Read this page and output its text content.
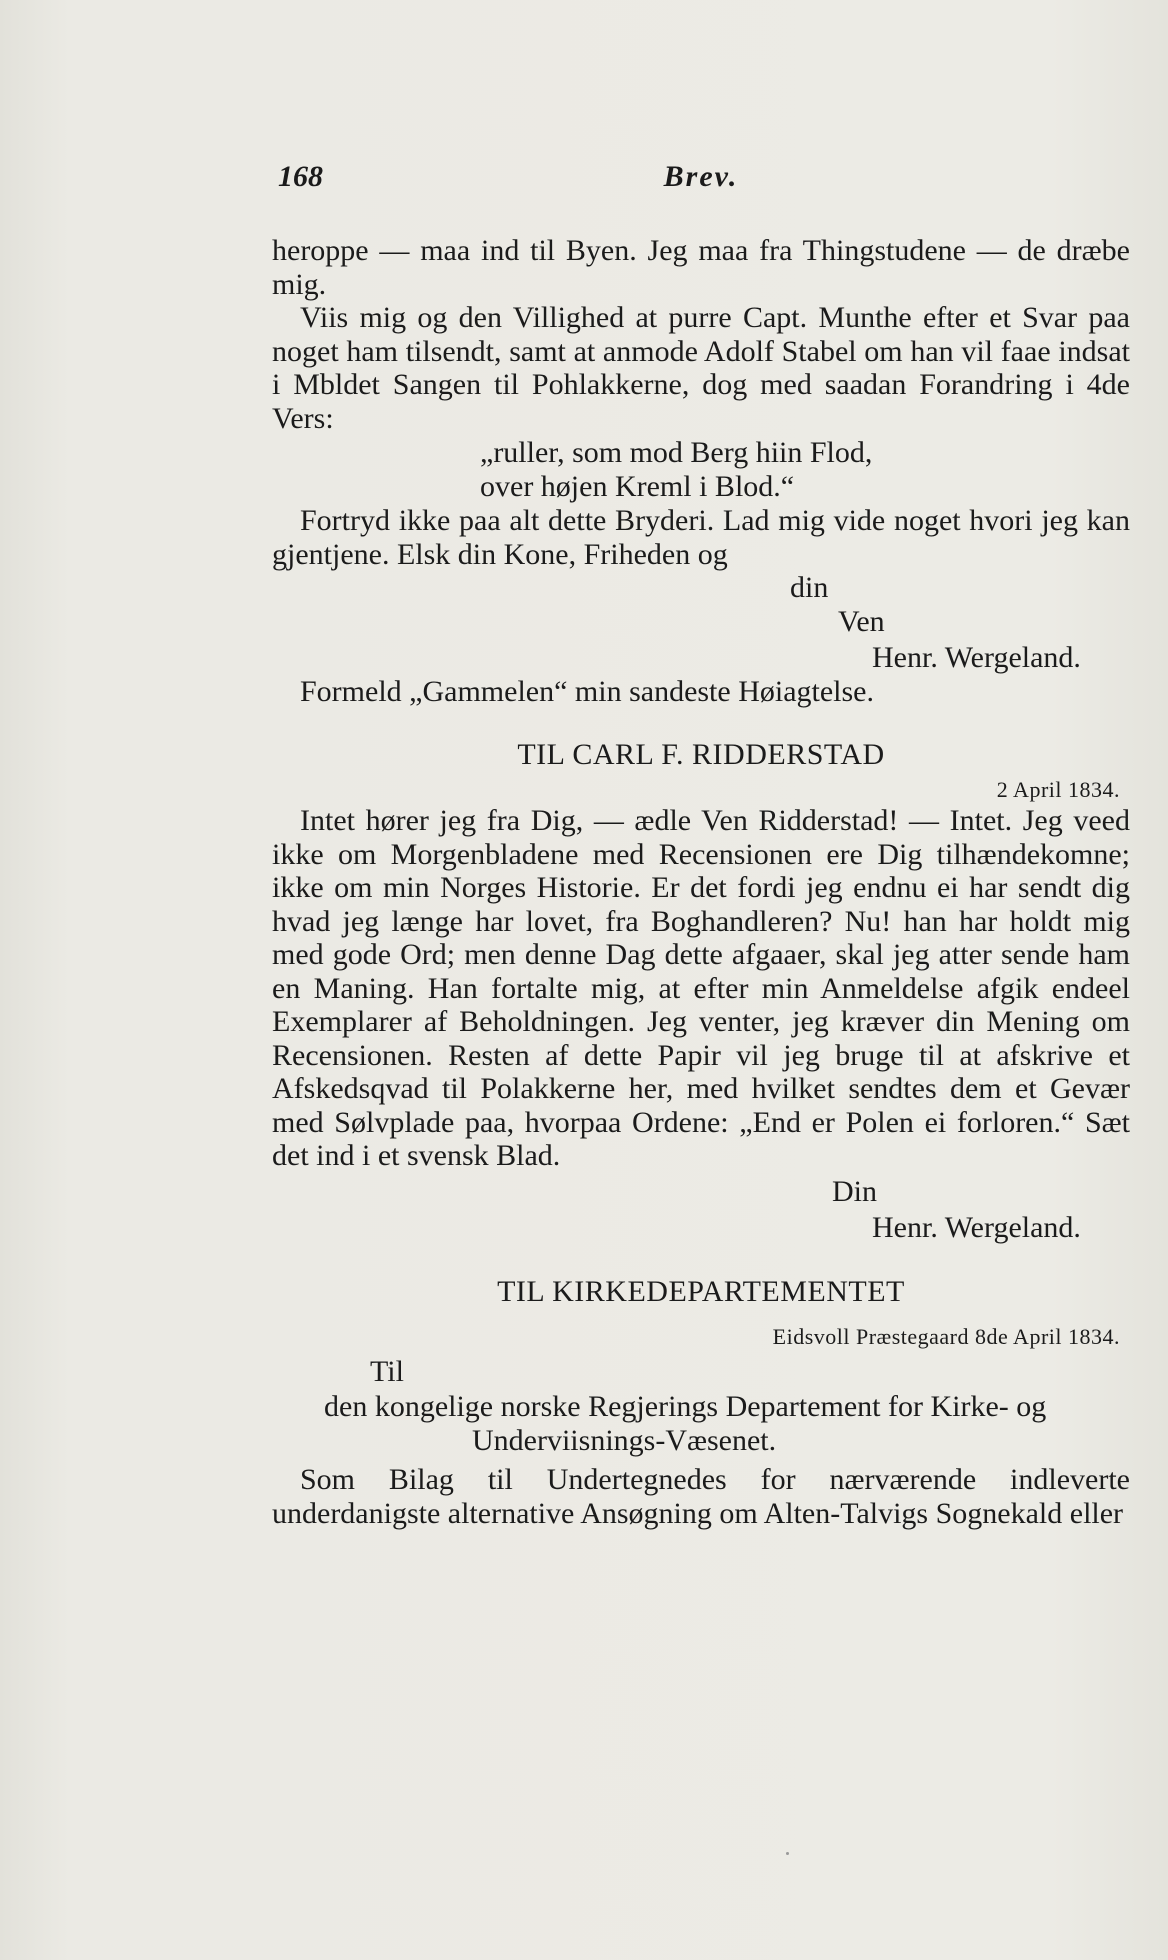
168	Brev.

heroppe — maa ind til Byen. Jeg maa fra Thingstudene — de dræbe mig.

Viis mig og den Villighed at purre Capt. Munthe efter et Svar paa noget ham tilsendt, samt at anmode Adolf Stabel om han vil faae indsat i Mbldet Sangen til Pohlakkerne, dog med saadan Forandring i 4de Vers:

„ruller, som mod Berg hiin Flod,
over højen Kreml i Blod.“

Fortryd ikke paa alt dette Bryderi. Lad mig vide noget hvori jeg kan gjentjene. Elsk din Kone, Friheden og

din
Ven
Henr. Wergeland.

Formeld „Gammelen“ min sandeste Høiagtelse.

TIL CARL F. RIDDERSTAD
2 April 1834.

Intet hører jeg fra Dig, — ædle Ven Ridderstad! — Intet. Jeg veed ikke om Morgenbladene med Recensionen ere Dig tilhændekomne; ikke om min Norges Historie. Er det fordi jeg endnu ei har sendt dig hvad jeg længe har lovet, fra Boghandleren? Nu! han har holdt mig med gode Ord; men denne Dag dette afgaaer, skal jeg atter sende ham en Maning. Han fortalte mig, at efter min Anmeldelse afgik endeel Exemplarer af Beholdningen. Jeg venter, jeg kræver din Mening om Recensionen. Resten af dette Papir vil jeg bruge til at afskrive et Afskedsqvad til Polakkerne her, med hvilket sendtes dem et Gevær med Sølvplade paa, hvorpaa Ordene: „End er Polen ei forloren.“ Sæt det ind i et svensk Blad.

Din
Henr. Wergeland.
TIL KIRKEDEPARTEMENTET
Eidsvoll Præstegaard 8de April 1834.
Til
den kongelige norske Regjerings Departement for Kirke- og
Underviisnings-Væsenet.

Som Bilag til Undertegnedes for nærværende indleverte underdanigste alternative Ansøgning om Alten-Talvigs Sognekald eller
